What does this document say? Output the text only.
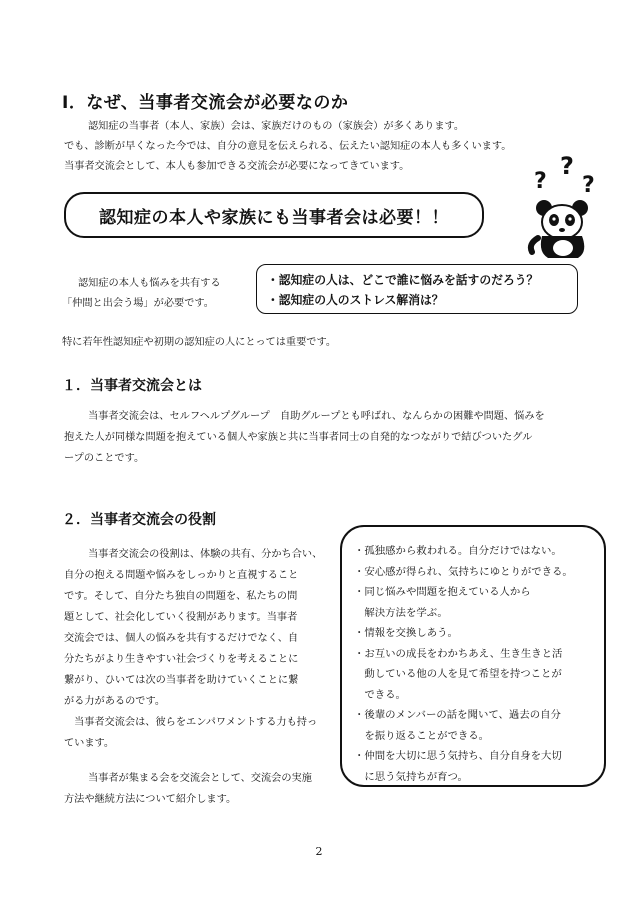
Ⅰ．なぜ、当事者交流会が必要なのか
認知症の当事者（本人、家族）会は、家族だけのもの（家族会）が多くあります。
でも、診断が早くなった今では、自分の意見を伝えられる、伝えたい認知症の本人も多くいます。
当事者交流会として、本人も参加できる交流会が必要になってきています。
認知症の本人や家族にも当事者会は必要！！
?
?
?
認知症の本人も悩みを共有する
「仲間と出会う場」が必要です。
・認知症の人は、どこで誰に悩みを話すのだろう？
・認知症の人のストレス解消は？
特に若年性認知症や初期の認知症の人にとっては重要です。
１．当事者交流会とは
当事者交流会は、セルフヘルプグループ　自助グループとも呼ばれ、なんらかの困難や問題、悩みを
抱えた人が同様な問題を抱えている個人や家族と共に当事者同士の自発的なつながりで結びついたグル
ープのことです。
２．当事者交流会の役割
当事者交流会の役割は、体験の共有、分かち合い、
自分の抱える問題や悩みをしっかりと直視すること
です。そして、自分たち独自の問題を、私たちの問
題として、社会化していく役割があります。当事者
交流会では、個人の悩みを共有するだけでなく、自
分たちがより生きやすい社会づくりを考えることに
繋がり、ひいては次の当事者を助けていくことに繋
がる力があるのです。
当事者交流会は、彼らをエンパワメントする力も持っ
ています。
当事者が集まる会を交流会として、交流会の実施
方法や継続方法について紹介します。
・孤独感から救われる。自分だけではない。
・安心感が得られ、気持ちにゆとりができる。
・同じ悩みや問題を抱えている人から
　解決方法を学ぶ。
・情報を交換しあう。
・お互いの成長をわかちあえ、生き生きと活
　動している他の人を見て希望を持つことが
　できる。
・後輩のメンバーの話を聞いて、過去の自分
　を振り返ることができる。
・仲間を大切に思う気持ち、自分自身を大切
　に思う気持ちが育つ。
2
